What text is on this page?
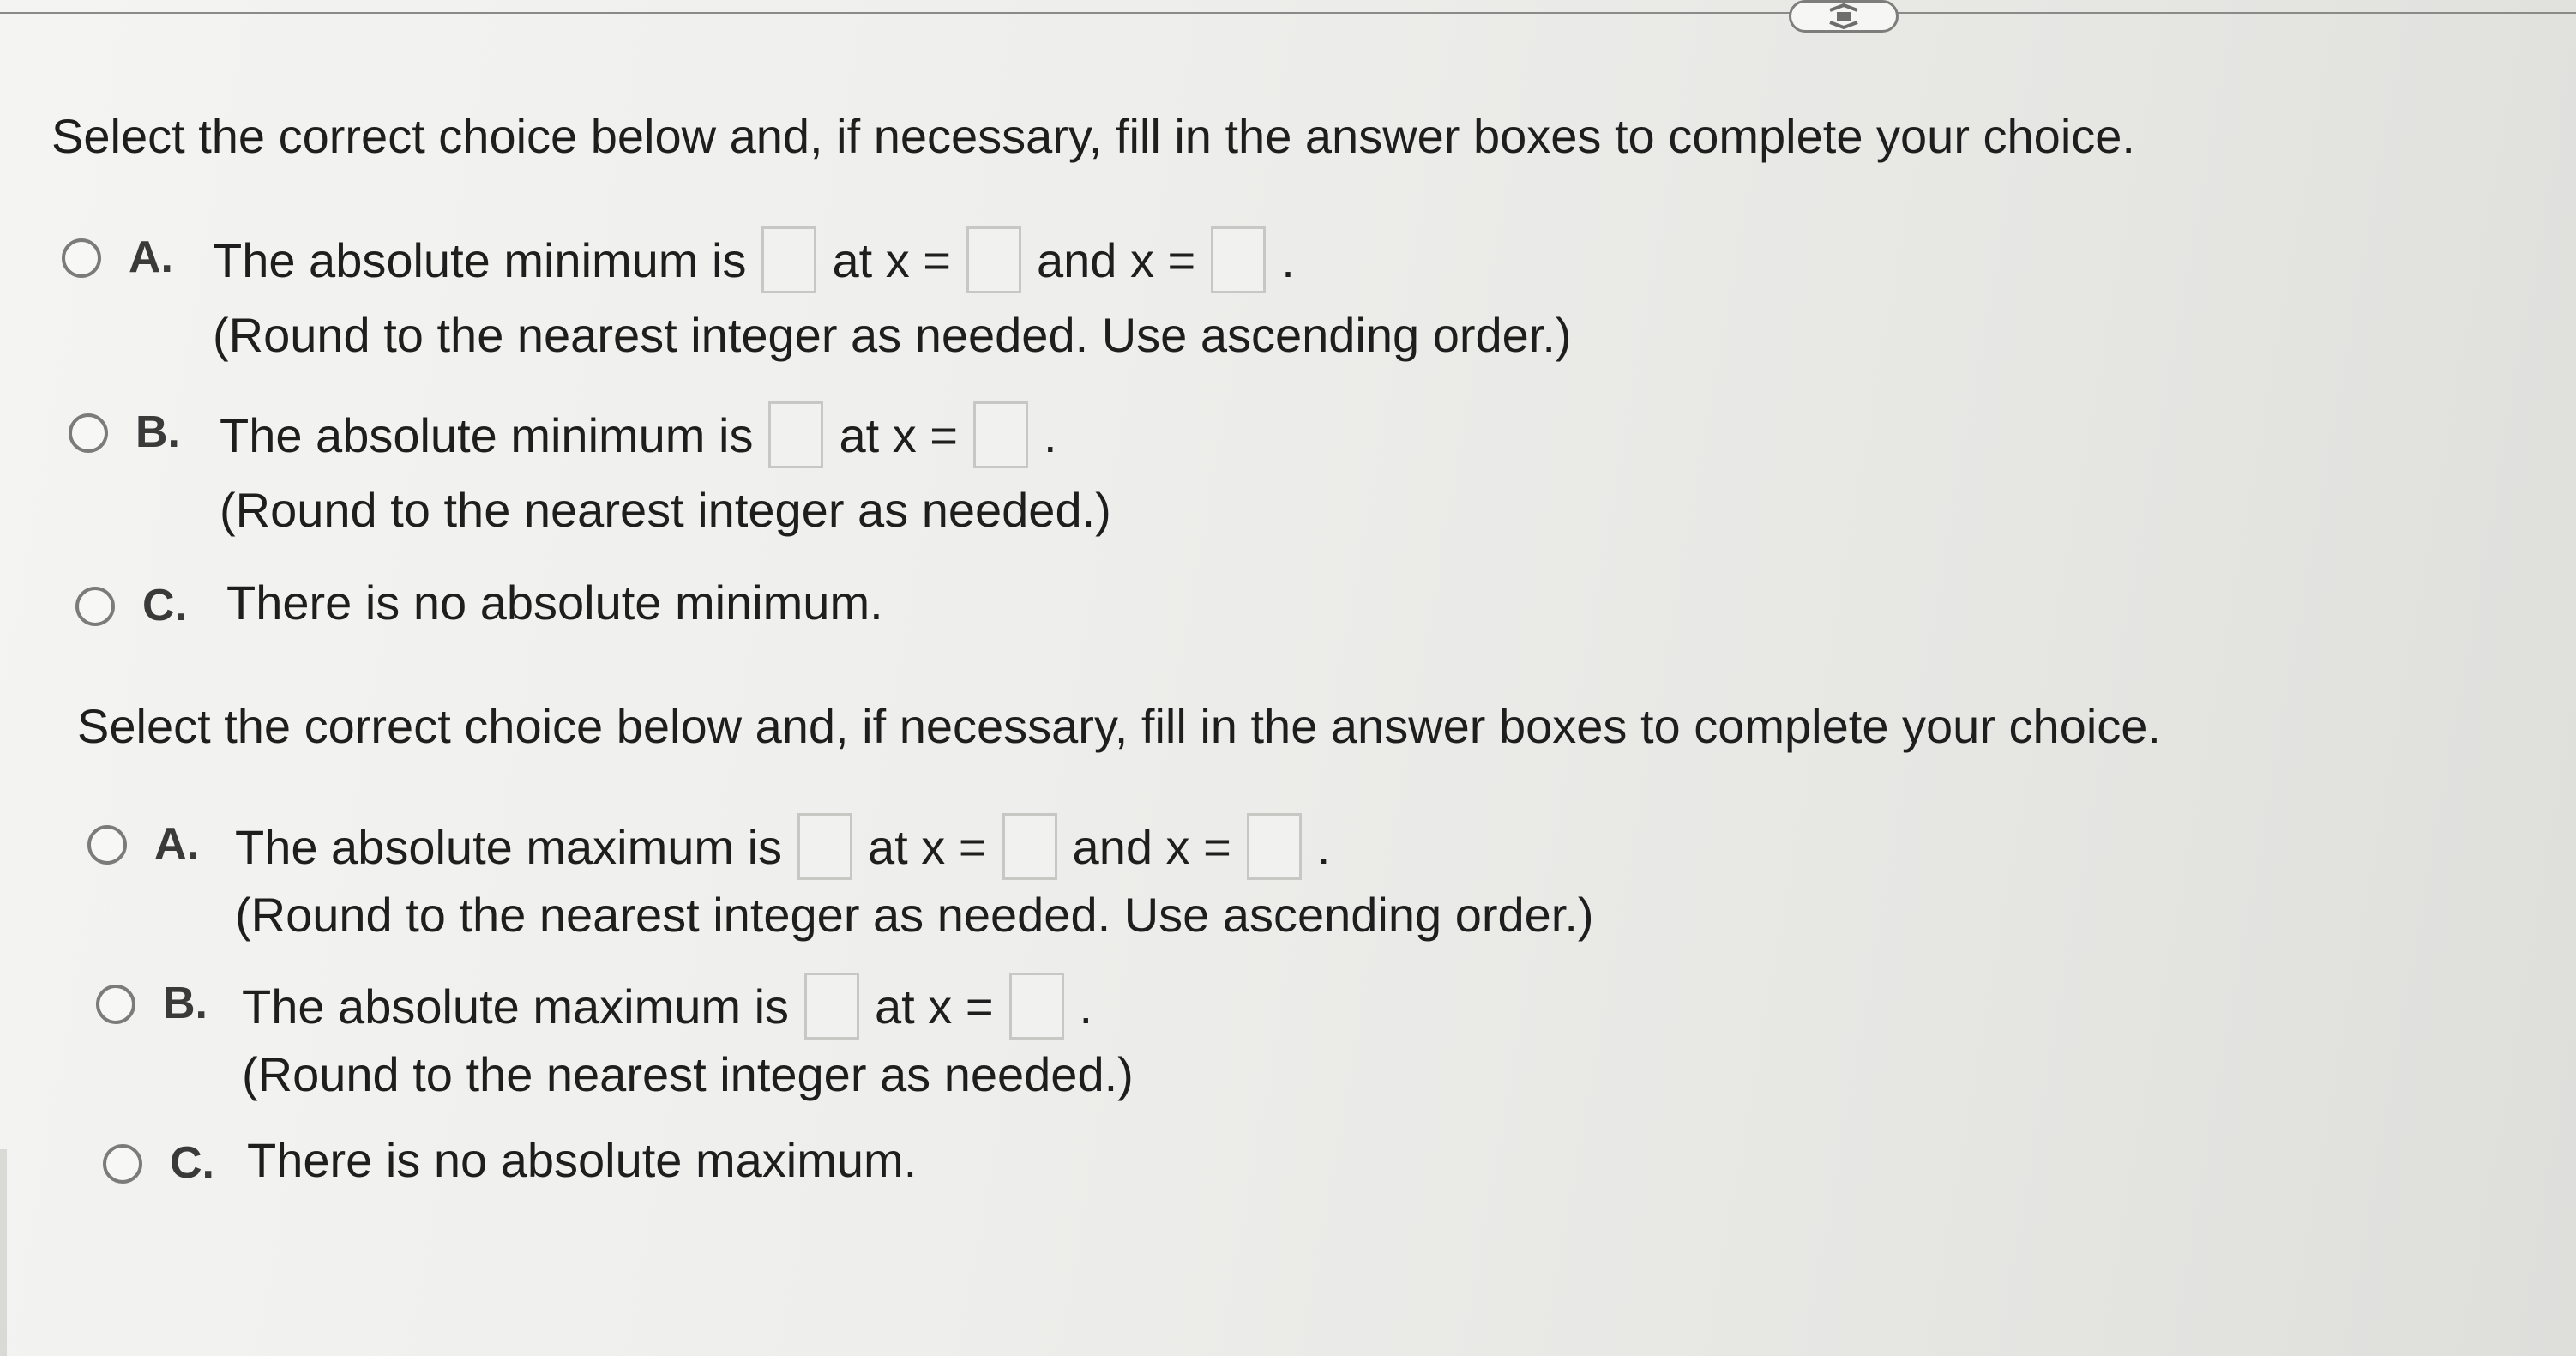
Select the correct choice below and, if necessary, fill in the answer boxes to complete your choice.
A. The absolute minimum is at x = and x = .
(Round to the nearest integer as needed. Use ascending order.)
B. The absolute minimum is at x = .
(Round to the nearest integer as needed.)
C. There is no absolute minimum.
Select the correct choice below and, if necessary, fill in the answer boxes to complete your choice.
A. The absolute maximum is at x = and x = .
(Round to the nearest integer as needed. Use ascending order.)
B. The absolute maximum is at x = .
(Round to the nearest integer as needed.)
C. There is no absolute maximum.
